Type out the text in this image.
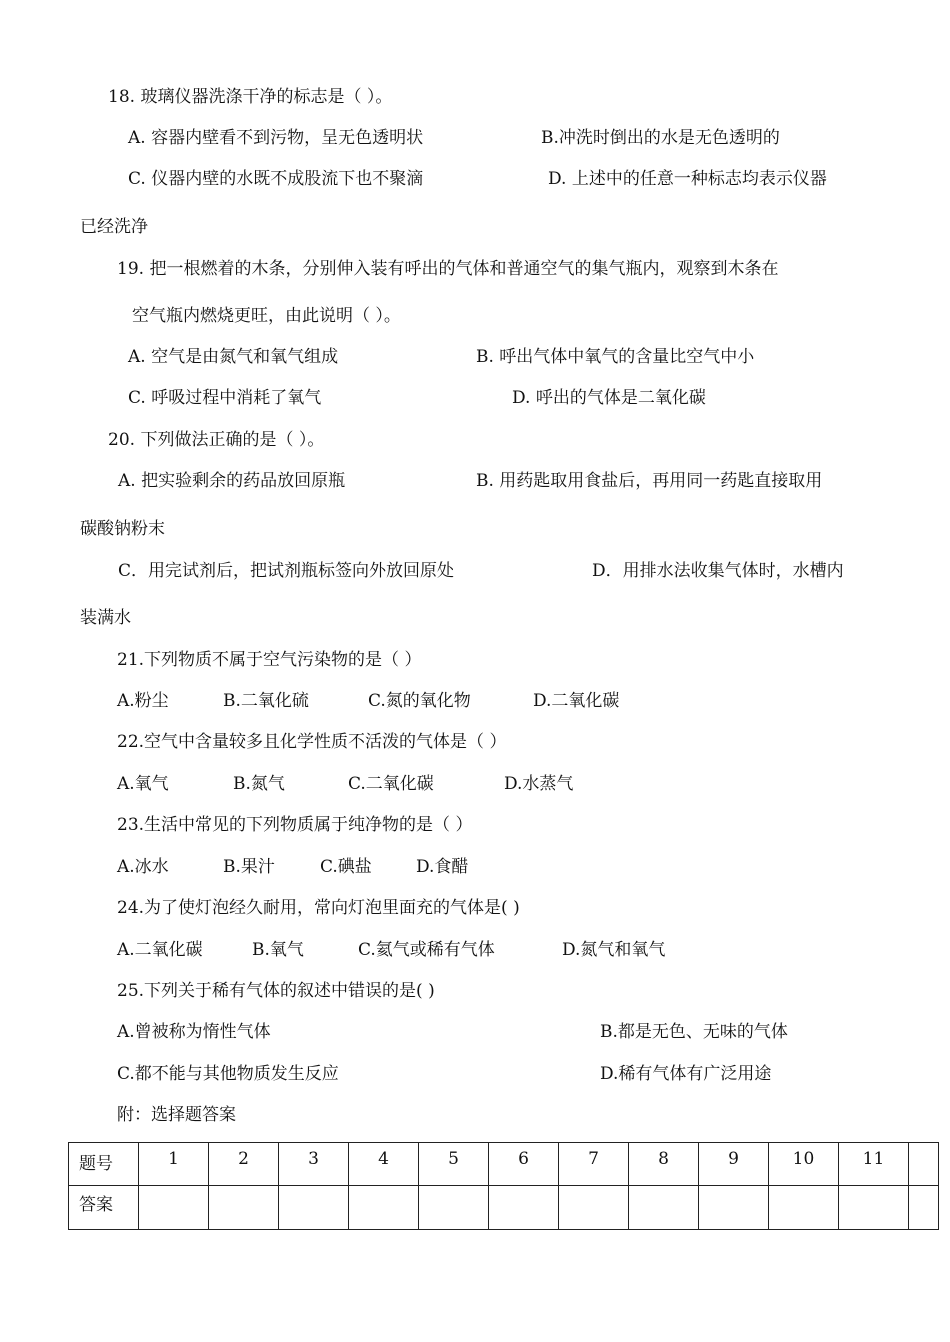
18. 玻璃仪器洗涤干净的标志是（ ）。
A. 容器内壁看不到污物，呈无色透明状	B.冲洗时倒出的水是无色透明的
C. 仪器内壁的水既不成股流下也不聚滴	D. 上述中的任意一种标志均表示仪器
已经洗净
19. 把一根燃着的木条，分别伸入装有呼出的气体和普通空气的集气瓶内，观察到木条在
空气瓶内燃烧更旺，由此说明（ ）。
A. 空气是由氮气和氧气组成	B. 呼出气体中氧气的含量比空气中小
C. 呼吸过程中消耗了氧气	D. 呼出的气体是二氧化碳
20. 下列做法正确的是（ ）。
A. 把实验剩余的药品放回原瓶	B. 用药匙取用食盐后，再用同一药匙直接取用
碳酸钠粉末
C．用完试剂后，把试剂瓶标签向外放回原处	D．用排水法收集气体时，水槽内
装满水
21.下列物质不属于空气污染物的是（ ）
A.粉尘	B.二氧化硫	C.氮的氧化物	D.二氧化碳
22.空气中含量较多且化学性质不活泼的气体是（ ）
A.氧气	B.氮气	C.二氧化碳	D.水蒸气
23.生活中常见的下列物质属于纯净物的是（ ）
A.冰水	B.果汁	C.碘盐	D.食醋
24.为了使灯泡经久耐用，常向灯泡里面充的气体是( )
A.二氧化碳	B.氧气	C.氦气或稀有气体	D.氮气和氧气
25.下列关于稀有气体的叙述中错误的是( )
A.曾被称为惰性气体	B.都是无色、无味的气体
C.都不能与其他物质发生反应	D.稀有气体有广泛用途
附：选择题答案
题号	1	2	3	4	5	6	7	8	9	10	11	
答案												
